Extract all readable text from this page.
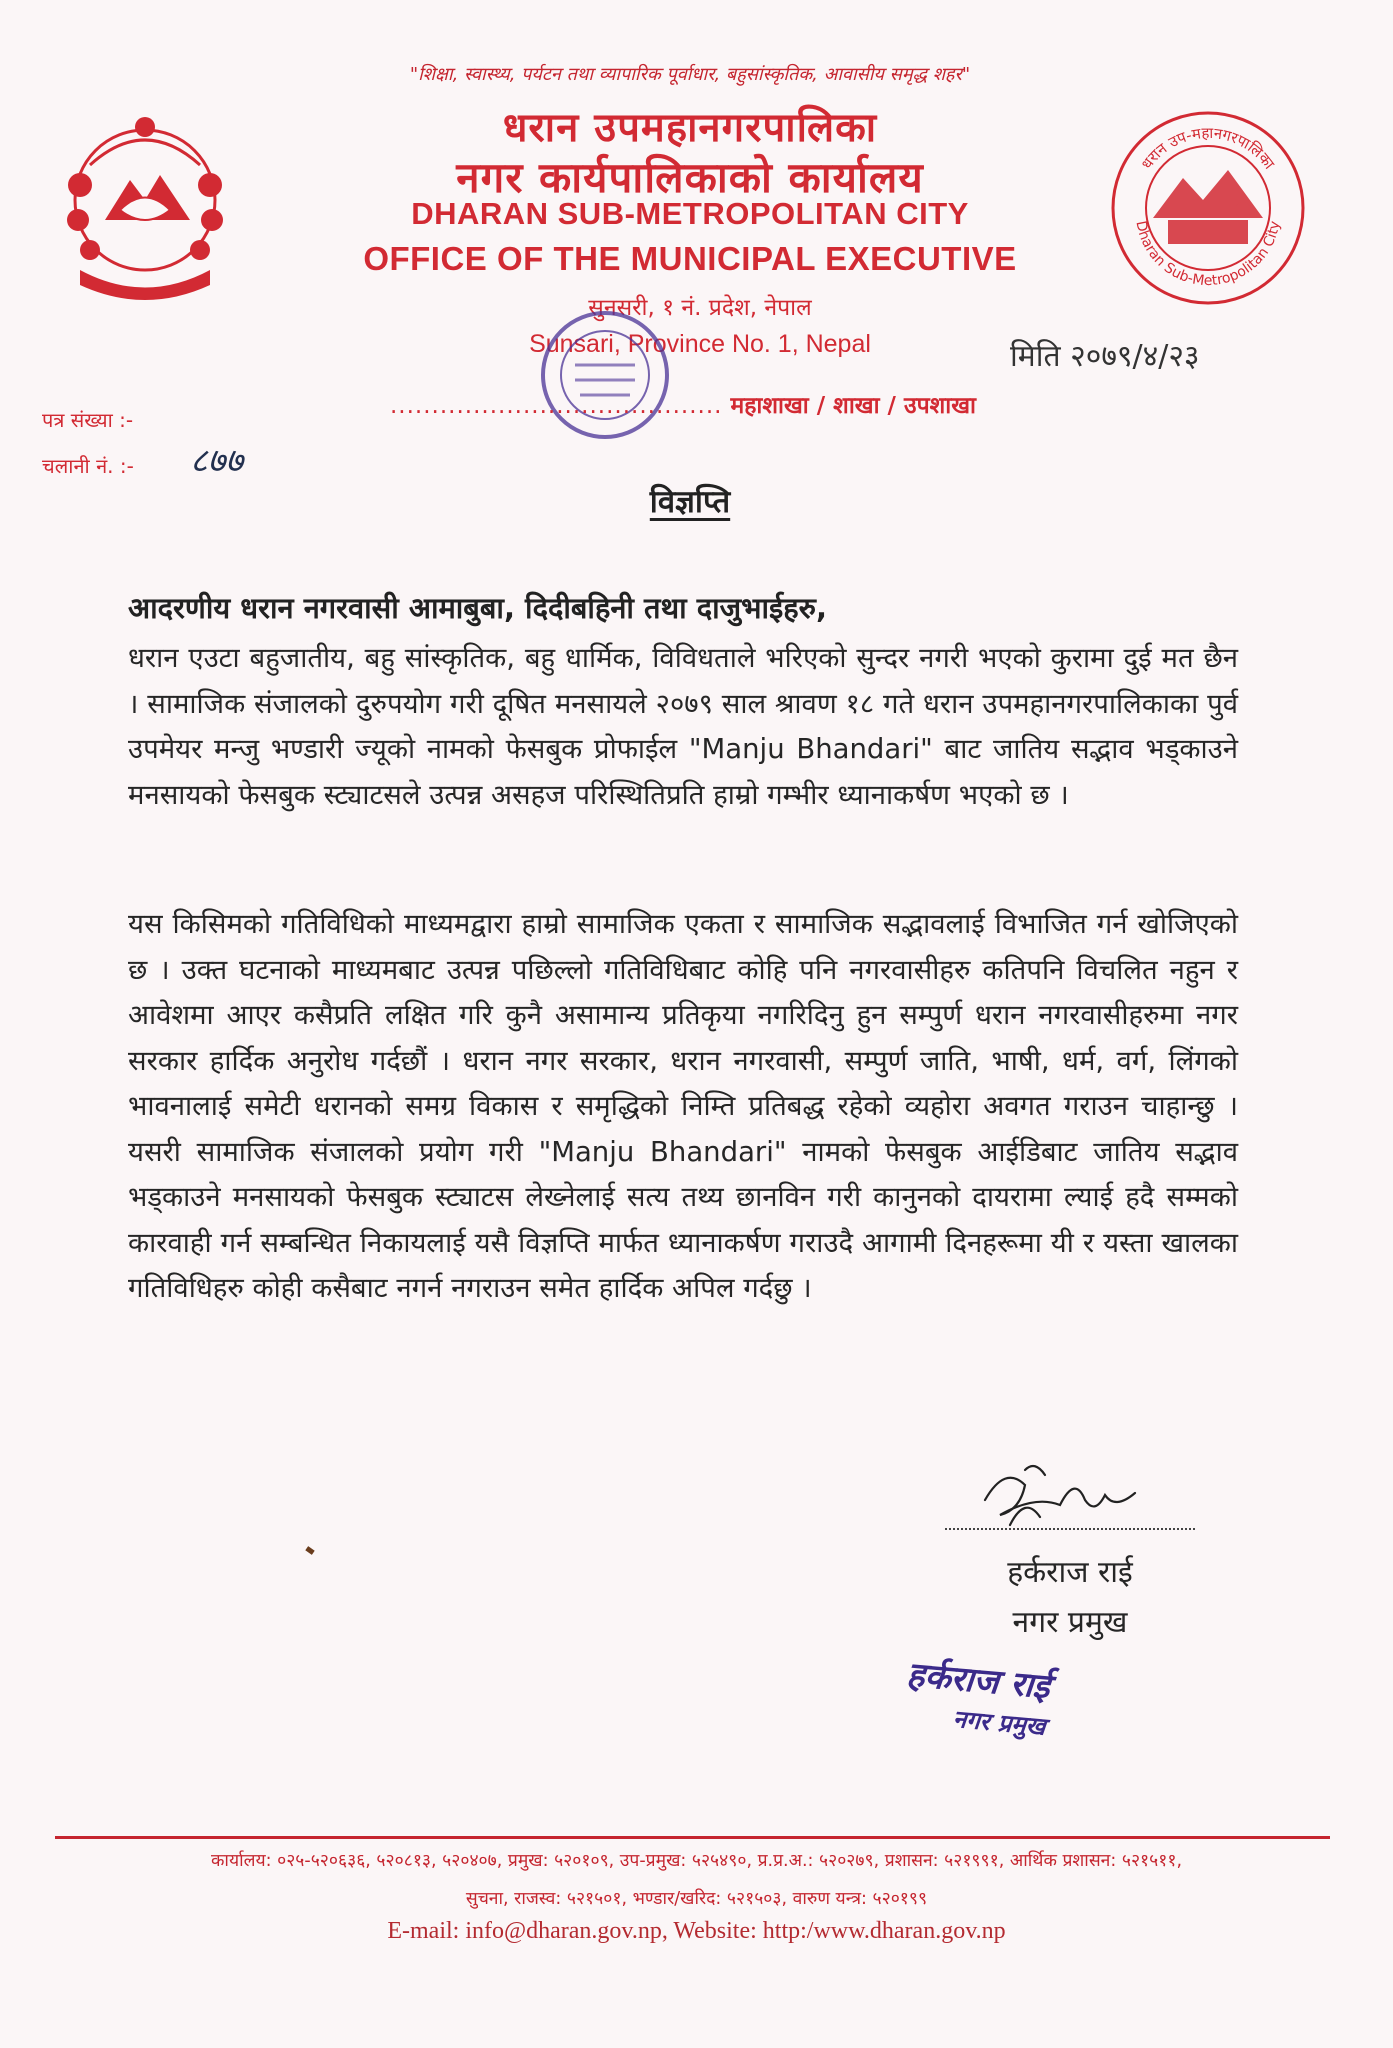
"शिक्षा, स्वास्थ्य, पर्यटन तथा व्यापारिक पूर्वाधार, बहुसांस्कृतिक, आवासीय समृद्ध शहर"
धरान उपमहानगरपालिका
नगर कार्यपालिकाको कार्यालय
DHARAN SUB-METROPOLITAN CITY
OFFICE OF THE MUNICIPAL EXECUTIVE
सुनसरी, १ नं. प्रदेश, नेपाल
Sunsari, Province No. 1, Nepal
धरान उप-महानगरपालिका
Dharan Sub-Metropolitan City
मिति २०७९/४/२३
........................................ महाशाखा / शाखा / उपशाखा
पत्र संख्या :-
चलानी नं. :- ८७७
विज्ञप्ति
आदरणीय धरान नगरवासी आमाबुबा, दिदीबहिनी तथा दाजुभाईहरु,
धरान एउटा बहुजातीय, बहु सांस्कृतिक, बहु धार्मिक, विविधताले भरिएको सुन्दर नगरी भएको कुरामा दुई मत छैन । सामाजिक संजालको दुरुपयोग गरी दूषित मनसायले २०७९ साल श्रावण १८ गते धरान उपमहानगरपालिकाका पुर्व उपमेयर मन्जु भण्डारी ज्यूको नामको फेसबुक प्रोफाईल "Manju Bhandari" बाट जातिय सद्भाव भड्काउने मनसायको फेसबुक स्ट्याटसले उत्पन्न असहज परिस्थितिप्रति हाम्रो गम्भीर ध्यानाकर्षण भएको छ ।
यस किसिमको गतिविधिको माध्यमद्वारा हाम्रो सामाजिक एकता र सामाजिक सद्भावलाई विभाजित गर्न खोजिएको छ । उक्त घटनाको माध्यमबाट उत्पन्न पछिल्लो गतिविधिबाट कोहि पनि नगरवासीहरु कतिपनि विचलित नहुन र आवेशमा आएर कसैप्रति लक्षित गरि कुनै असामान्य प्रतिकृया नगरिदिनु हुन सम्पुर्ण धरान नगरवासीहरुमा नगर सरकार हार्दिक अनुरोध गर्दछौं । धरान नगर सरकार, धरान नगरवासी, सम्पुर्ण जाति, भाषी, धर्म, वर्ग, लिंगको भावनालाई समेटी धरानको समग्र विकास र समृद्धिको निम्ति प्रतिबद्ध रहेको व्यहोरा अवगत गराउन चाहान्छु । यसरी सामाजिक संजालको प्रयोग गरी "Manju Bhandari" नामको फेसबुक आईडिबाट जातिय सद्भाव भड्काउने मनसायको फेसबुक स्ट्याटस लेख्नेलाई सत्य तथ्य छानविन गरी कानुनको दायरामा ल्याई हदै सम्मको कारवाही गर्न सम्बन्धित निकायलाई यसै विज्ञप्ति मार्फत ध्यानाकर्षण गराउदै आगामी दिनहरूमा यी र यस्ता खालका गतिविधिहरु कोही कसैबाट नगर्न नगराउन समेत हार्दिक अपिल गर्दछु ।
हर्कराज राई
नगर प्रमुख
हर्कराज राई
नगर प्रमुख
कार्यालय: ०२५-५२०६३६, ५२०८१३, ५२०४०७, प्रमुख: ५२०१०९, उप-प्रमुख: ५२५४९०, प्र.प्र.अ.: ५२०२७९, प्रशासन: ५२१९९१, आर्थिक प्रशासन: ५२१५११,
सुचना, राजस्व: ५२१५०१, भण्डार/खरिद: ५२१५०३, वारुण यन्त्र: ५२०१९९
E-mail: info@dharan.gov.np, Website: http:/www.dharan.gov.np
